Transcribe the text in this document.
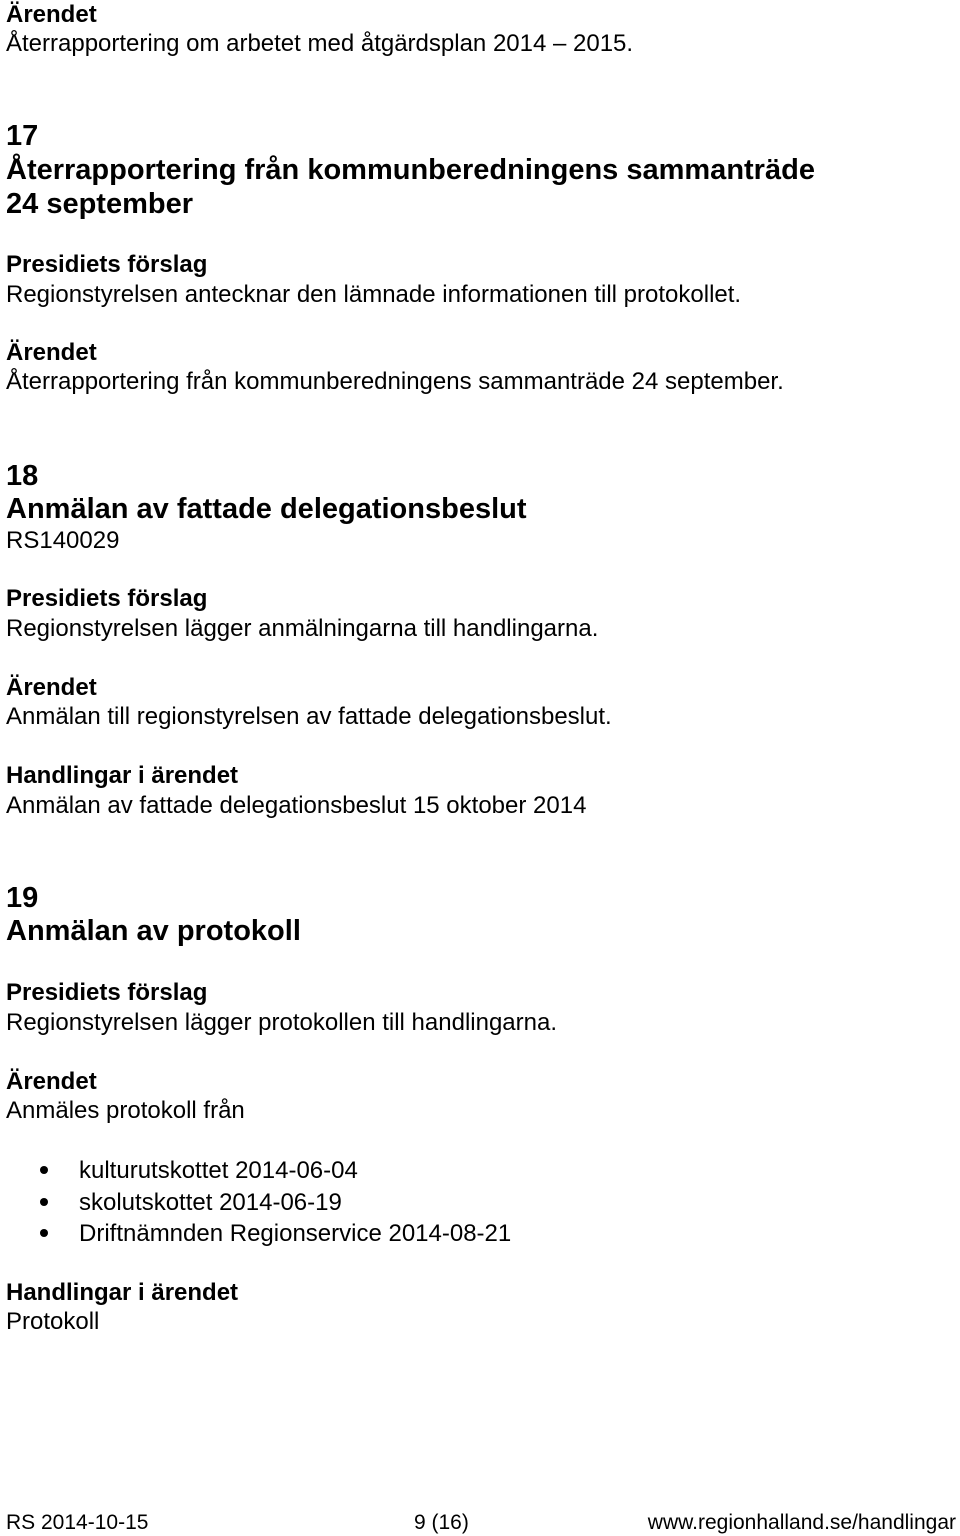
Ärendet
Återrapportering om arbetet med åtgärdsplan 2014 – 2015.
17
Återrapportering från kommunberedningens sammanträde
24 september
Presidiets förslag
Regionstyrelsen antecknar den lämnade informationen till protokollet.
Ärendet
Återrapportering från kommunberedningens sammanträde 24 september.
18
Anmälan av fattade delegationsbeslut
RS140029
Presidiets förslag
Regionstyrelsen lägger anmälningarna till handlingarna.
Ärendet
Anmälan till regionstyrelsen av fattade delegationsbeslut.
Handlingar i ärendet
Anmälan av fattade delegationsbeslut 15 oktober 2014
19
Anmälan av protokoll
Presidiets förslag
Regionstyrelsen lägger protokollen till handlingarna.
Ärendet
Anmäles protokoll från
kulturutskottet 2014-06-04
skolutskottet 2014-06-19
Driftnämnden Regionservice 2014-08-21
Handlingar i ärendet
Protokoll
RS 2014-10-15	9 (16)	www.regionhalland.se/handlingar
